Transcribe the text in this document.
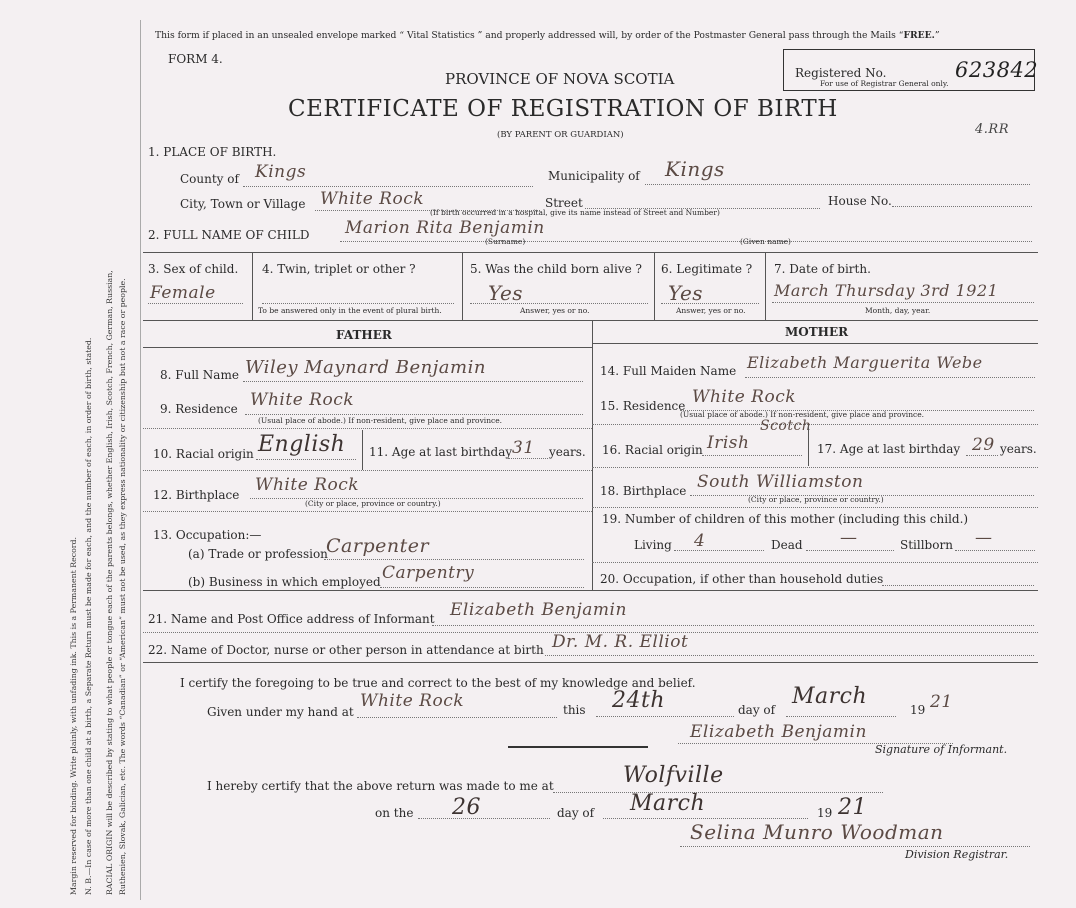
Margin reserved for binding. Write plainly, with unfading ink. This is a Permanent Record. N. B.—In case of more than one child at a birth, a Separate Return must be made for each, and the number of each, in order of birth, stated. RACIAL ORIGIN will be described by stating to what people or tongue each of the parents belongs, whether English, Irish, Scotch, French, German, Russian, Ruthenien, Slovak, Galician, etc. The words “Canadian” or “American” must not be used, as they express nationality or citizenship but not a race or people.
This form if placed in an unsealed envelope marked “ Vital Statistics ” and properly addressed will, by order of the Postmaster General pass through the Mails “FREE.”
FORM 4.
PROVINCE OF NOVA SCOTIA
CERTIFICATE OF REGISTRATION OF BIRTH
(BY PARENT OR GUARDIAN)
Registered No.	623842
For use of Registrar General only.
4.RR
1. PLACE OF BIRTH.
County of Kings	Municipality of Kings
City, Town or Village White Rock	Street	House No.
(If birth occurred in a hospital, give its name instead of Street and Number)
2. FULL NAME OF CHILD Marion Rita Benjamin
(Surname)	(Given name)
3. Sex of child.
Female
4. Twin, triplet or other ?
To be answered only in the event of plural birth.
5. Was the child born alive ?
Yes
Answer, yes or no.
6. Legitimate ?
Yes
Answer, yes or no.
7. Date of birth.
March Thursday 3rd 1921
Month, day, year.
FATHER	MOTHER
8. Full Name Wiley Maynard Benjamin
9. Residence White Rock
(Usual place of abode.) If non-resident, give place and province.
10. Racial origin English 11. Age at last birthday 31 years.
12. Birthplace White Rock
(City or place, province or country.)
13. Occupation:—
(a) Trade or profession
Carpenter
(b) Business in which employed Carpentry
14. Full Maiden Name Elizabeth Marguerita Webe
15. Residence White Rock
(Usual place of abode.) If non-resident, give place and province.
16. Racial origin Irish
Scotch
17. Age at last birthday 29 years.
18. Birthplace South Williamston
(City or place, province or country.)
19. Number of children of this mother (including this child.)
Living 4	Dead —	Stillborn —
20. Occupation, if other than household duties
21. Name and Post Office address of Informant Elizabeth Benjamin
22. Name of Doctor, nurse or other person in attendance at birth Dr. M. R. Elliot
I certify the foregoing to be true and correct to the best of my knowledge and belief.
Given under my hand at
White Rock	this 24th	day of
March
19 21
Elizabeth Benjamin
Signature of Informant.
I hereby certify that the above return was made to me at	Wolfville
on the 26	day of March	19 21
Selina Munro Woodman
Division Registrar.
